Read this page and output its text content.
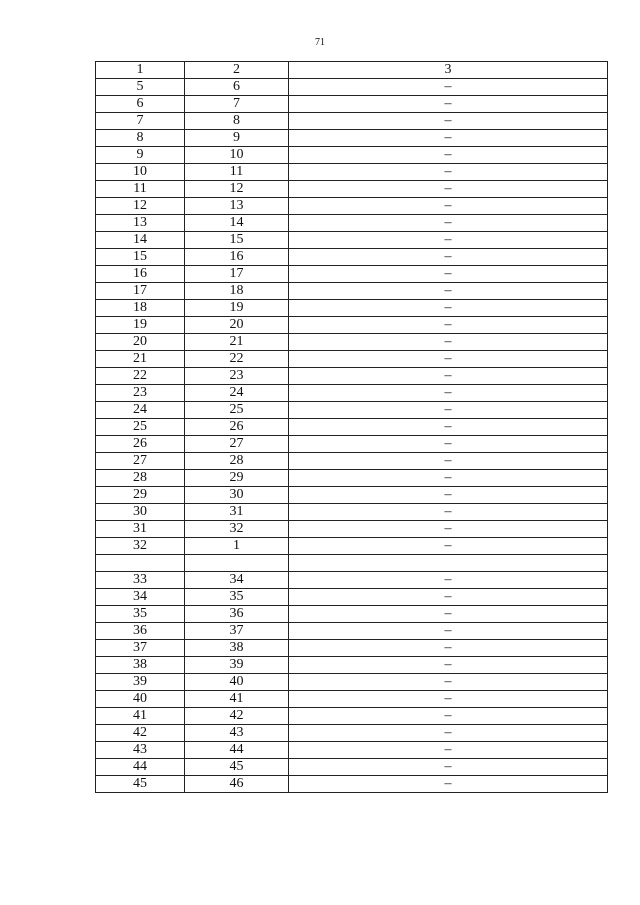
71
1	2	3
5	6	–
6	7	–
7	8	–
8	9	–
9	10	–
10	11	–
11	12	–
12	13	–
13	14	–
14	15	–
15	16	–
16	17	–
17	18	–
18	19	–
19	20	–
20	21	–
21	22	–
22	23	–
23	24	–
24	25	–
25	26	–
26	27	–
27	28	–
28	29	–
29	30	–
30	31	–
31	32	–
32	1	–

33	34	–
34	35	–
35	36	–
36	37	–
37	38	–
38	39	–
39	40	–
40	41	–
41	42	–
42	43	–
43	44	–
44	45	–
45	46	–
